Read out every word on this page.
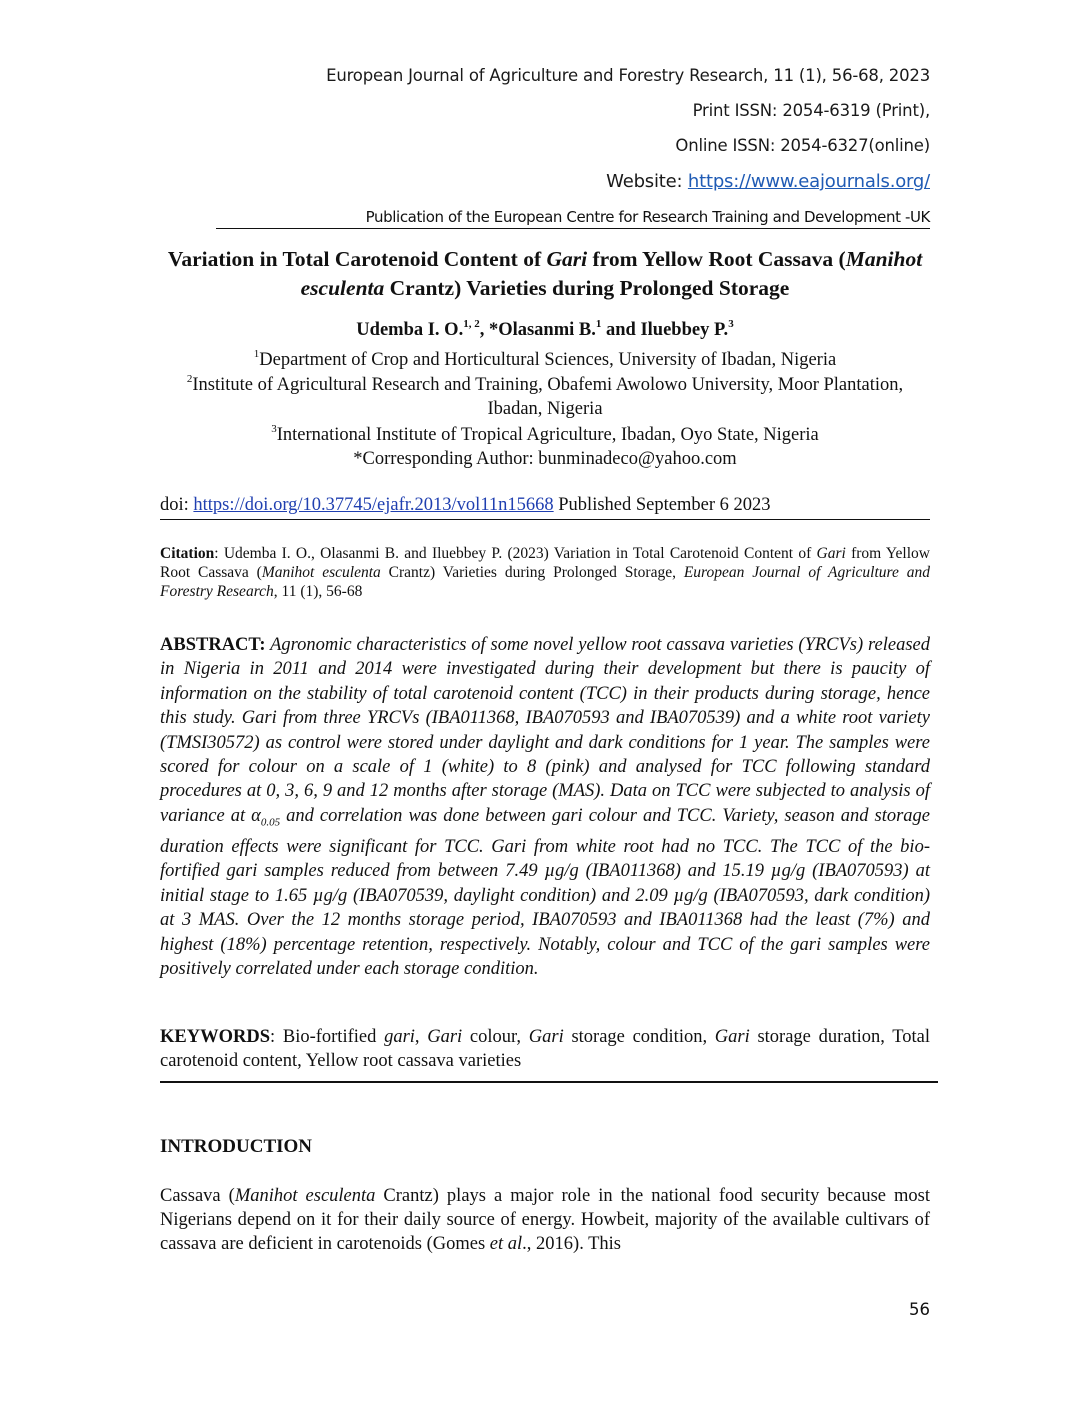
European Journal of Agriculture and Forestry Research, 11 (1), 56-68, 2023
Print ISSN: 2054-6319 (Print),
Online ISSN: 2054-6327(online)
Website: https://www.eajournals.org/
Publication of the European Centre for Research Training and Development -UK
Variation in Total Carotenoid Content of Gari from Yellow Root Cassava (Manihot esculenta Crantz) Varieties during Prolonged Storage
Udemba I. O.$^{1, 2}$, *Olasanmi B.$^1$ and Iluebbey P.$^3$
$^1$Department of Crop and Horticultural Sciences, University of Ibadan, Nigeria
$^2$Institute of Agricultural Research and Training, Obafemi Awolowo University, Moor Plantation, Ibadan, Nigeria
$^3$International Institute of Tropical Agriculture, Ibadan, Oyo State, Nigeria
*Corresponding Author: bunminadeco@yahoo.com
doi: https://doi.org/10.37745/ejafr.2013/vol11n15668 Published September 6 2023
Citation: Udemba I. O., Olasanmi B. and Iluebbey P. (2023) Variation in Total Carotenoid Content of Gari from Yellow Root Cassava (Manihot esculenta Crantz) Varieties during Prolonged Storage, European Journal of Agriculture and Forestry Research, 11 (1), 56-68
ABSTRACT: Agronomic characteristics of some novel yellow root cassava varieties (YRCVs) released in Nigeria in 2011 and 2014 were investigated during their development but there is paucity of information on the stability of total carotenoid content (TCC) in their products during storage, hence this study. Gari from three YRCVs (IBA011368, IBA070593 and IBA070539) and a white root variety (TMSI30572) as control were stored under daylight and dark conditions for 1 year. The samples were scored for colour on a scale of 1 (white) to 8 (pink) and analysed for TCC following standard procedures at 0, 3, 6, 9 and 12 months after storage (MAS). Data on TCC were subjected to analysis of variance at $\alpha_{0.05}$ and correlation was done between gari colour and TCC. Variety, season and storage duration effects were significant for TCC. Gari from white root had no TCC. The TCC of the bio-fortified gari samples reduced from between 7.49 µg/g (IBA011368) and 15.19 µg/g (IBA070593) at initial stage to 1.65 µg/g (IBA070539, daylight condition) and 2.09 µg/g (IBA070593, dark condition) at 3 MAS. Over the 12 months storage period, IBA070593 and IBA011368 had the least (7%) and highest (18%) percentage retention, respectively. Notably, colour and TCC of the gari samples were positively correlated under each storage condition.
KEYWORDS: Bio-fortified gari, Gari colour, Gari storage condition, Gari storage duration, Total carotenoid content, Yellow root cassava varieties
INTRODUCTION
Cassava (Manihot esculenta Crantz) plays a major role in the national food security because most Nigerians depend on it for their daily source of energy. Howbeit, majority of the available cultivars of cassava are deficient in carotenoids (Gomes et al., 2016). This
56
